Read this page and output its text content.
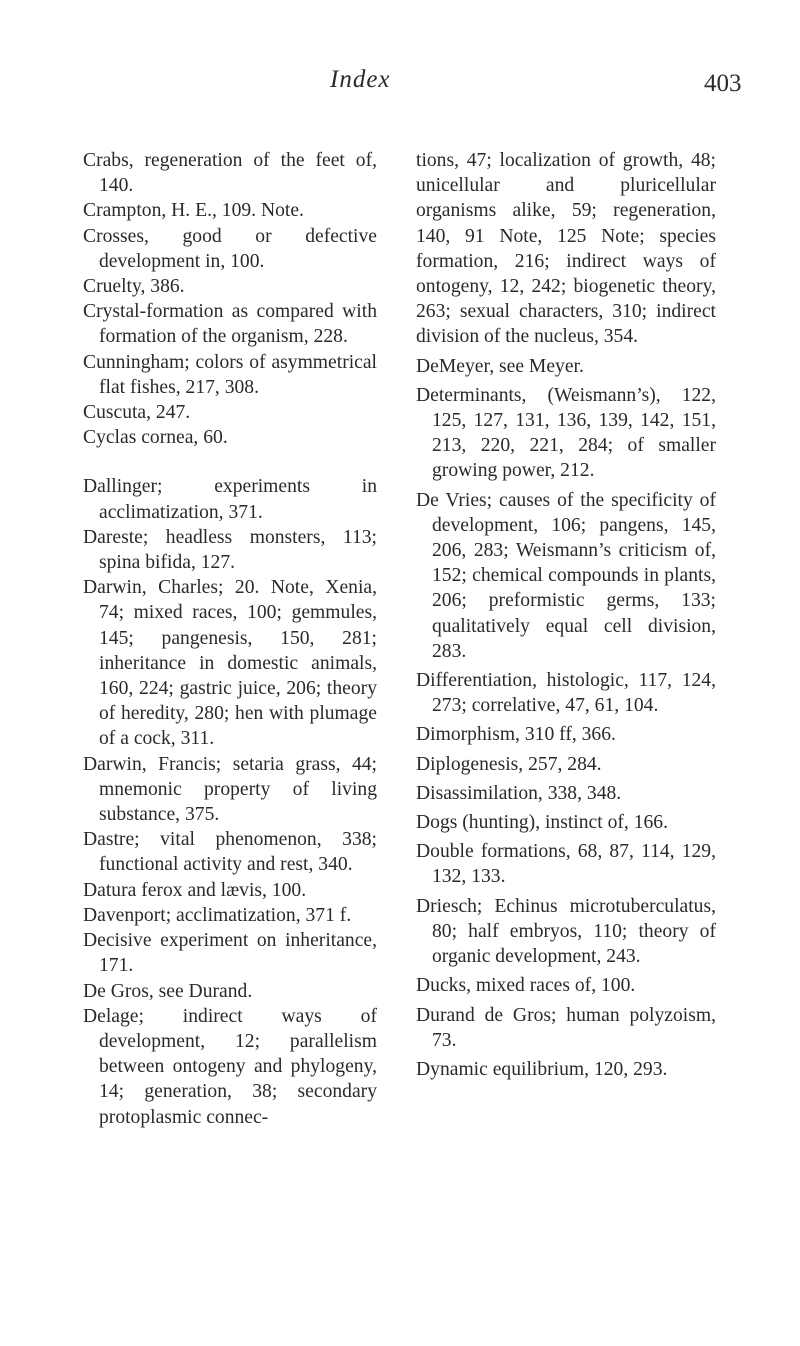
Index	403

Crabs, regeneration of the feet of, 140.

Crampton, H. E., 109. Note.

Crosses, good or defective development in, 100.

Cruelty, 386.

Crystal-formation as compared with formation of the organism, 228.

Cunningham; colors of asymmetrical flat fishes, 217, 308.

Cuscuta, 247.

Cyclas cornea, 60.

Dallinger; experiments in acclimatization, 371.

Dareste; headless monsters, 113; spina bifida, 127.

Darwin, Charles; 20. Note, Xenia, 74; mixed races, 100; gemmules, 145; pangenesis, 150, 281; inheritance in domestic animals, 160, 224; gastric juice, 206; theory of heredity, 280; hen with plumage of a cock, 311.

Darwin, Francis; setaria grass, 44; mnemonic property of living substance, 375.

Dastre; vital phenomenon, 338; functional activity and rest, 340.

Datura ferox and lævis, 100.

Davenport; acclimatization, 371 f.

Decisive experiment on inheritance, 171.

De Gros, see Durand.

Delage; indirect ways of development, 12; parallelism between ontogeny and phylogeny, 14; generation, 38; secondary protoplasmic connec-

tions, 47; localization of growth, 48; unicellular and pluricellular organisms alike, 59; regeneration, 140, 91 Note, 125 Note; species formation, 216; indirect ways of ontogeny, 12, 242; biogenetic theory, 263; sexual characters, 310; indirect division of the nucleus, 354.

DeMeyer, see Meyer.

Determinants, (Weismann’s), 122, 125, 127, 131, 136, 139, 142, 151, 213, 220, 221, 284; of smaller growing power, 212.

De Vries; causes of the specificity of development, 106; pangens, 145, 206, 283; Weismann’s criticism of, 152; chemical compounds in plants, 206; preformistic germs, 133; qualitatively equal cell division, 283.

Differentiation, histologic, 117, 124, 273; correlative, 47, 61, 104.

Dimorphism, 310 ff, 366.

Diplogenesis, 257, 284.

Disassimilation, 338, 348.

Dogs (hunting), instinct of, 166.

Double formations, 68, 87, 114, 129, 132, 133.

Driesch; Echinus microtuberculatus, 80; half embryos, 110; theory of organic development, 243.

Ducks, mixed races of, 100.

Durand de Gros; human polyzoism, 73.

Dynamic equilibrium, 120, 293.
